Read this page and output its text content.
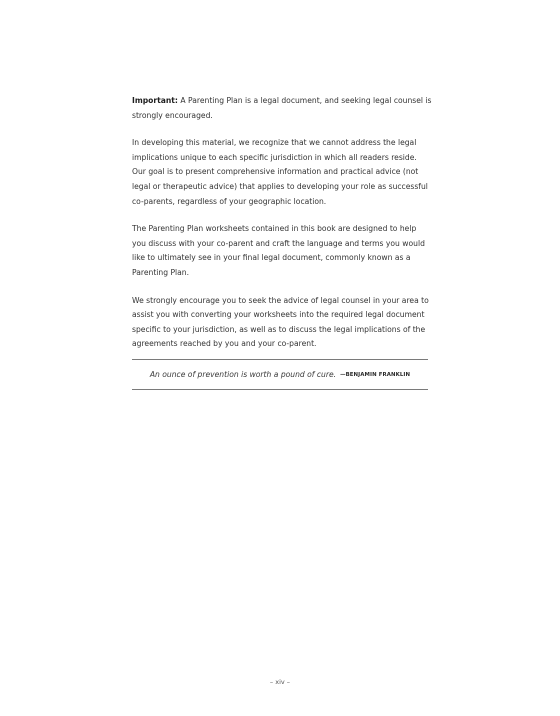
Important: A Parenting Plan is a legal document, and seeking legal counsel is strongly encouraged.

In developing this material, we recognize that we cannot address the legal implications unique to each specific jurisdiction in which all readers reside. Our goal is to present comprehensive information and practical advice (not legal or therapeutic advice) that applies to developing your role as successful co-parents, regardless of your geographic location.

The Parenting Plan worksheets contained in this book are designed to help you discuss with your co-parent and craft the language and terms you would like to ultimately see in your final legal document, commonly known as a Parenting Plan.

We strongly encourage you to seek the advice of legal counsel in your area to assist you with converting your worksheets into the required legal document specific to your jurisdiction, as well as to discuss the legal implications of the agreements reached by you and your co-parent.

An ounce of prevention is worth a pound of cure. —BENJAMIN FRANKLIN
– xiv –
